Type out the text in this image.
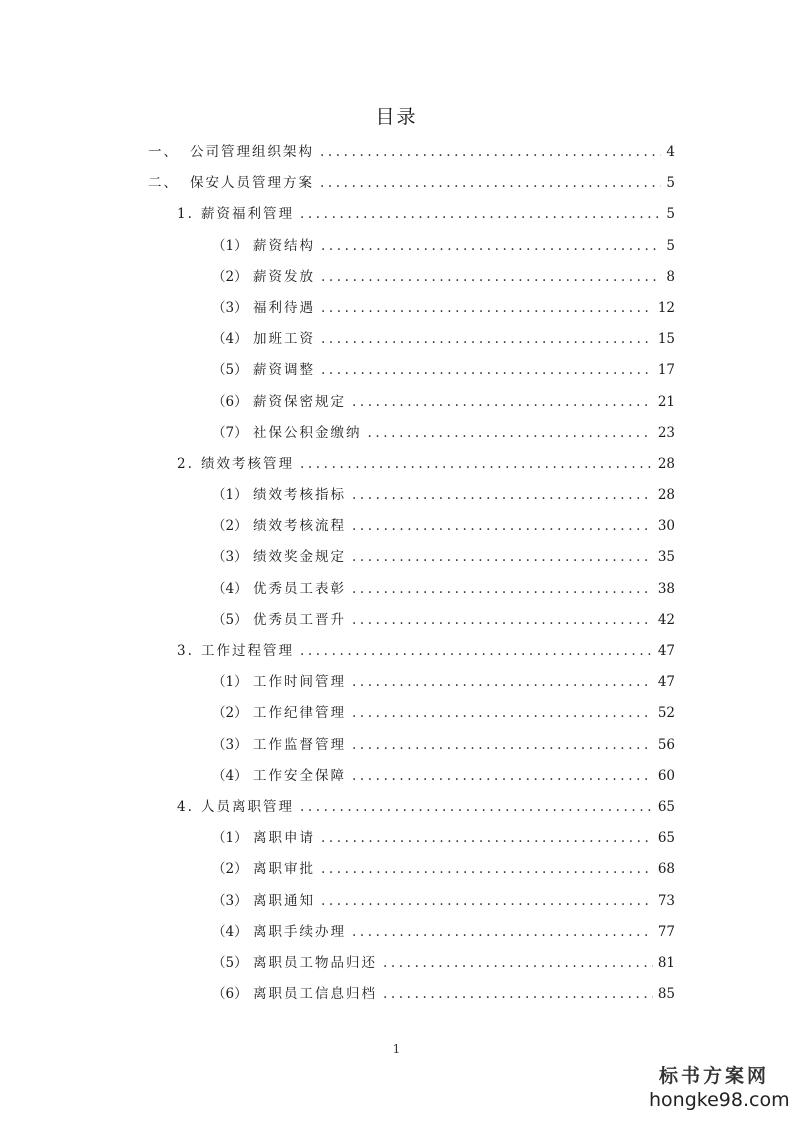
目录
一、 公司管理组织架构 .....	4
二、 保安人员管理方案 .....	5
1. 薪资福利管理 .....	5
（1） 薪资结构 .....	5
（2） 薪资发放 .....	8
（3） 福利待遇 .....	12
（4） 加班工资 .....	15
（5） 薪资调整 .....	17
（6） 薪资保密规定 .....	21
（7） 社保公积金缴纳 .....	23
2. 绩效考核管理 .....	28
（1） 绩效考核指标 .....	28
（2） 绩效考核流程 .....	30
（3） 绩效奖金规定 .....	35
（4） 优秀员工表彰 .....	38
（5） 优秀员工晋升 .....	42
3. 工作过程管理 .....	47
（1） 工作时间管理 .....	47
（2） 工作纪律管理 .....	52
（3） 工作监督管理 .....	56
（4） 工作安全保障 .....	60
4. 人员离职管理 .....	65
（1） 离职申请 .....	65
（2） 离职审批 .....	68
（3） 离职通知 .....	73
（4） 离职手续办理 .....	77
（5） 离职员工物品归还 .....	81
（6） 离职员工信息归档 .....	85
1
标书方案网
hongke98.com
